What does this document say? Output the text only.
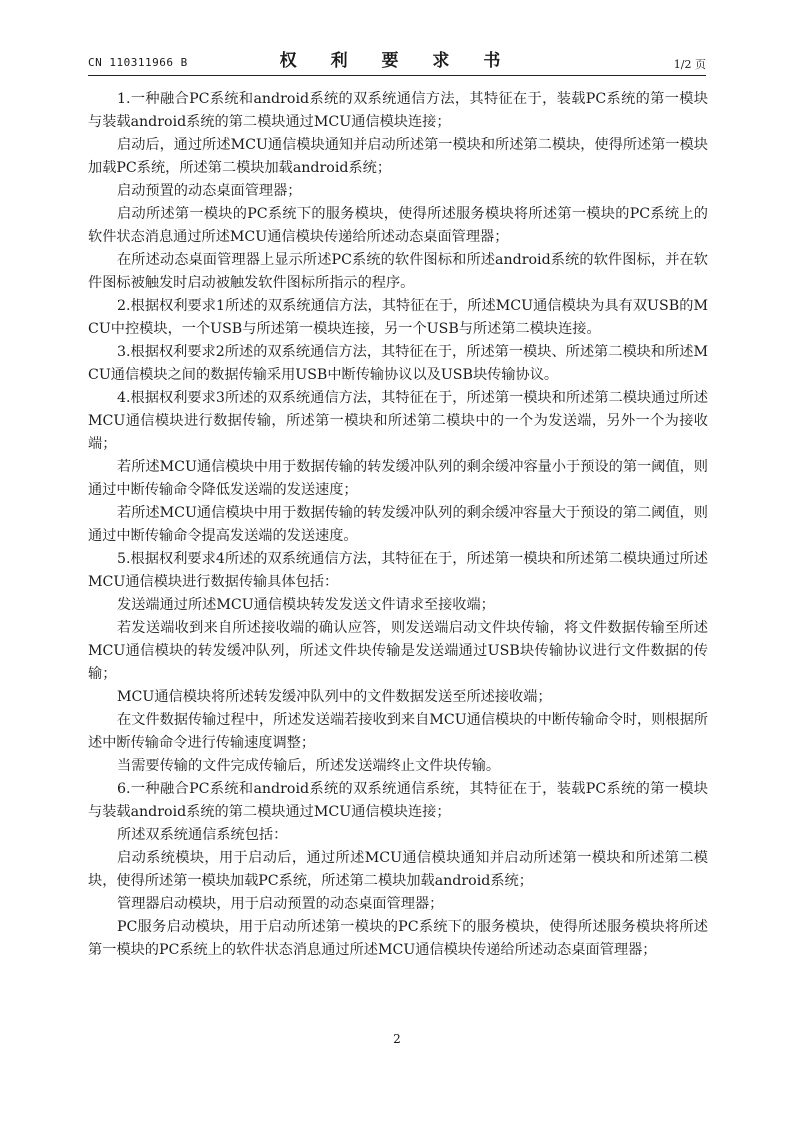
CN 110311966 B	权 利 要 求 书	1/2 页

1.一种融合PC系统和android系统的双系统通信方法，其特征在于，装载PC系统的第一模块与装载android系统的第二模块通过MCU通信模块连接；

启动后，通过所述MCU通信模块通知并启动所述第一模块和所述第二模块，使得所述第一模块加载PC系统，所述第二模块加载android系统；

启动预置的动态桌面管理器；

启动所述第一模块的PC系统下的服务模块，使得所述服务模块将所述第一模块的PC系统上的软件状态消息通过所述MCU通信模块传递给所述动态桌面管理器；

在所述动态桌面管理器上显示所述PC系统的软件图标和所述android系统的软件图标，并在软件图标被触发时启动被触发软件图标所指示的程序。

2.根据权利要求1所述的双系统通信方法，其特征在于，所述MCU通信模块为具有双USB的MCU中控模块，一个USB与所述第一模块连接，另一个USB与所述第二模块连接。

3.根据权利要求2所述的双系统通信方法，其特征在于，所述第一模块、所述第二模块和所述MCU通信模块之间的数据传输采用USB中断传输协议以及USB块传输协议。

4.根据权利要求3所述的双系统通信方法，其特征在于，所述第一模块和所述第二模块通过所述MCU通信模块进行数据传输，所述第一模块和所述第二模块中的一个为发送端，另外一个为接收端；

若所述MCU通信模块中用于数据传输的转发缓冲队列的剩余缓冲容量小于预设的第一阈值，则通过中断传输命令降低发送端的发送速度；

若所述MCU通信模块中用于数据传输的转发缓冲队列的剩余缓冲容量大于预设的第二阈值，则通过中断传输命令提高发送端的发送速度。

5.根据权利要求4所述的双系统通信方法，其特征在于，所述第一模块和所述第二模块通过所述MCU通信模块进行数据传输具体包括：

发送端通过所述MCU通信模块转发发送文件请求至接收端；

若发送端收到来自所述接收端的确认应答，则发送端启动文件块传输，将文件数据传输至所述MCU通信模块的转发缓冲队列，所述文件块传输是发送端通过USB块传输协议进行文件数据的传输；

MCU通信模块将所述转发缓冲队列中的文件数据发送至所述接收端；

在文件数据传输过程中，所述发送端若接收到来自MCU通信模块的中断传输命令时，则根据所述中断传输命令进行传输速度调整；

当需要传输的文件完成传输后，所述发送端终止文件块传输。

6.一种融合PC系统和android系统的双系统通信系统，其特征在于，装载PC系统的第一模块与装载android系统的第二模块通过MCU通信模块连接；

所述双系统通信系统包括：

启动系统模块，用于启动后，通过所述MCU通信模块通知并启动所述第一模块和所述第二模块，使得所述第一模块加载PC系统，所述第二模块加载android系统；

管理器启动模块，用于启动预置的动态桌面管理器；

PC服务启动模块，用于启动所述第一模块的PC系统下的服务模块，使得所述服务模块将所述第一模块的PC系统上的软件状态消息通过所述MCU通信模块传递给所述动态桌面管理器；

2
